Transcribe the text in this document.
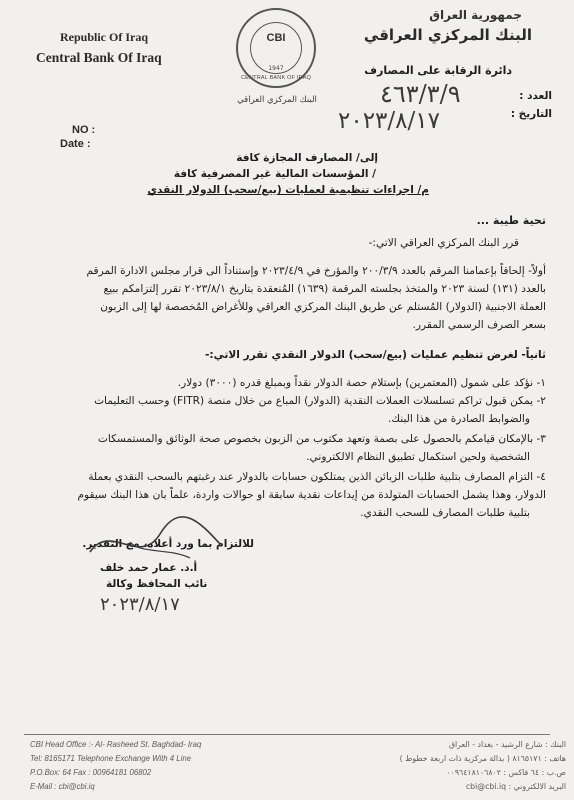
Republic Of Iraq
Central Bank Of Iraq
CBI
1947
CENTRAL BANK OF IRAQ
البنك المركزي العراقي
جمهورية العراق
البنك المركزي العراقي
دائرة الرقابة على المصارف
العدد :
٤٦٣/٣/٩
التاريخ :
٢٠٢٣/٨/١٧
NO :
Date :
إلى/ المصارف المجازة كافة
/ المؤسسات المالية غير المصرفية كافة
م/ اجراءات تنظيمية لعمليات (بيع/سحب) الدولار النقدي
تحية طيبة ...
قرر البنك المركزي العراقي الاتي:-
أولاً- إلحاقاً بإعمامنا المرقم بالعدد ٢٠٠/٣/٩ والمؤرخ في ٢٠٢٣/٤/٩ وإستناداً الى قرار مجلس الادارة المرقم
بالعدد (١٣١) لسنة ٢٠٢٣ والمتخذ بجلسته المرقمة (١٦٣٩) المُنعقدة بتاريخ ٢٠٢٣/٨/١ تقرر إلتزامكم ببيع
العملة الاجنبية (الدولار) المُستلم عن طريق البنك المركزي العراقي وللأغراض المُخصصة لها إلى الزبون
بسعر الصرف الرسمي المقرر.
ثانياً- لغرض تنظيم عمليات (بيع/سحب) الدولار النقدي تقرر الاتي:-
١- نؤكد على شمول (المعتمرين) بإستلام حصة الدولار نقداً وبمبلغ قدره (٣٠٠٠) دولار.
٢- يمكن قبول تراكم تسلسلات العملات النقدية (الدولار) المباع من خلال منصة (FITR) وحسب التعليمات
والضوابط الصادرة من هذا البنك.
٣- بالإمكان قيامكم بالحصول على بصمة وتعهد مكتوب من الزبون بخصوص صحة الوثائق والمستمسكات
الشخصية ولحين استكمال تطبيق النظام الالكتروني.
٤- التزام المصارف بتلبية طلبات الزبائن الذين يمتلكون حسابات بالدولار عند رغبتهم بالسحب النقدي بعملة
الدولار، وهذا يشمل الحسابات المتولدة من إيداعات نقدية سابقة او حوالات واردة، علماً بان هذا البنك سيقوم
بتلبية طلبات المصارف للسحب النقدي.
للالتزام بما ورد أعلاه، مع التقدير.
أ.د. عمار حمد خلف
نائب المحافظ وكالة
٢٠٢٣/٨/١٧
CBI Head Office :- Al- Rasheed St. Baghdad- Iraq
Tel: 8165171 Telephone Exchange With 4 Line
P.O.Box: 64 Fax : 00964181 06802
E-Mail : cbi@cbi.iq
البنك : شارع الرشيد - بغداد - العراق
هاتف : ٨١٦٥١٧١ ( بدالة مركزية ذات اربعة خطوط )
ص.ب : ٦٤ فاكس : ٠٠٩٦٤١٨١٠٦٨٠٢
البريد الالكتروني : cbi@cbi.iq
